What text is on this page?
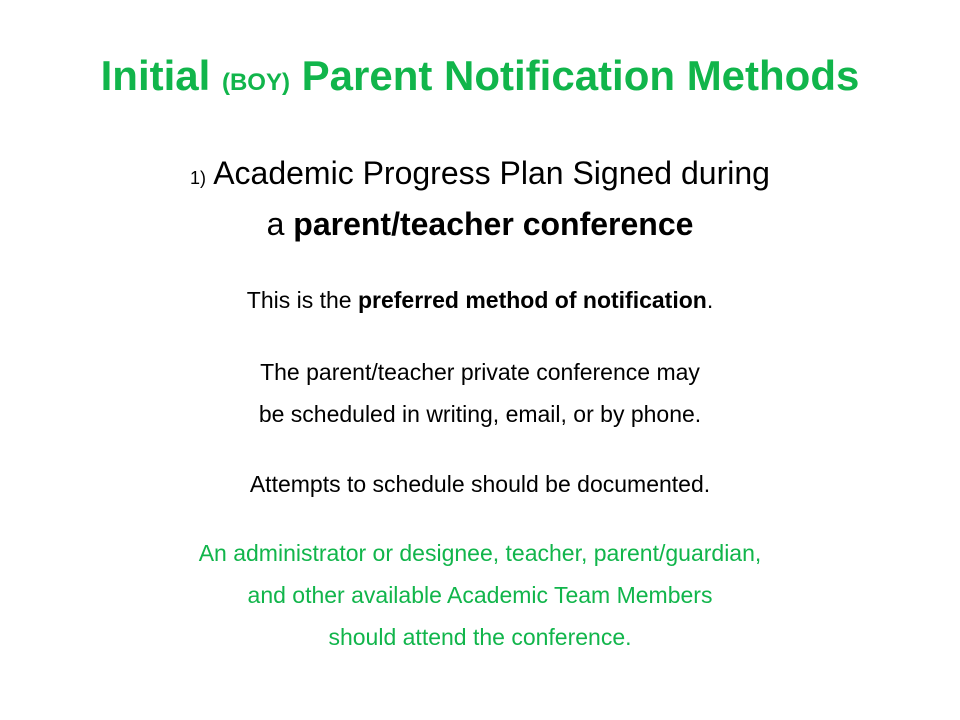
Initial (BOY) Parent Notification Methods
1) Academic Progress Plan Signed during
a parent/teacher conference
This is the preferred method of notification.
The parent/teacher private conference may
be scheduled in writing, email, or by phone.
Attempts to schedule should be documented.
An administrator or designee, teacher, parent/guardian,
and other available Academic Team Members
should attend the conference.
